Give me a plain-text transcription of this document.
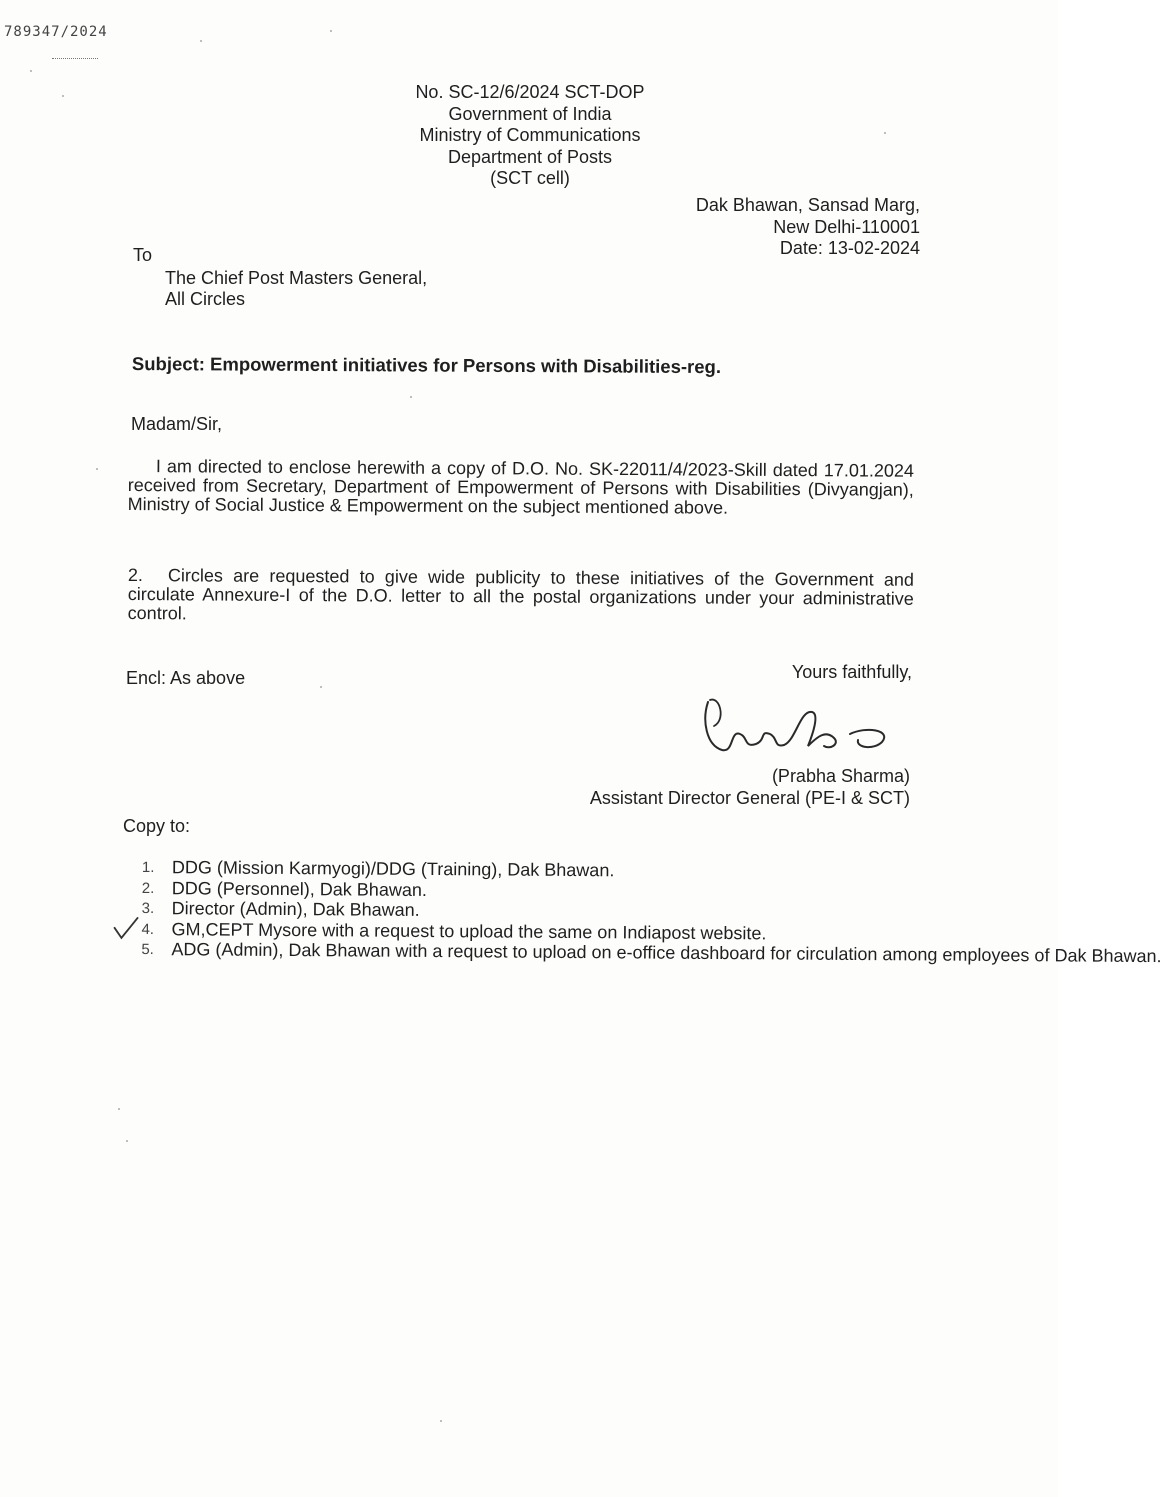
789347/2024
No. SC-12/6/2024 SCT-DOP
Government of India
Ministry of Communications
Department of Posts
(SCT cell)
Dak Bhawan, Sansad Marg,
New Delhi-110001
Date: 13-02-2024
To
The Chief Post Masters General,
All Circles
Subject: Empowerment initiatives for Persons with Disabilities-reg.
Madam/Sir,
I am directed to enclose herewith a copy of D.O. No. SK-22011/4/2023-Skill dated 17.01.2024 received from Secretary, Department of Empowerment of Persons with Disabilities (Divyangjan), Ministry of Social Justice & Empowerment on the subject mentioned above.
2. Circles are requested to give wide publicity to these initiatives of the Government and circulate Annexure-I of the D.O. letter to all the postal organizations under your administrative control.
Encl: As above	Yours faithfully,
(Prabha Sharma)
Assistant Director General (PE-I & SCT)
Copy to:
1. DDG (Mission Karmyogi)/DDG (Training), Dak Bhawan.
2. DDG (Personnel), Dak Bhawan.
3. Director (Admin), Dak Bhawan.
4. GM,CEPT Mysore with a request to upload the same on Indiapost website.
5. ADG (Admin), Dak Bhawan with a request to upload on e-office dashboard for circulation among employees of Dak Bhawan.
